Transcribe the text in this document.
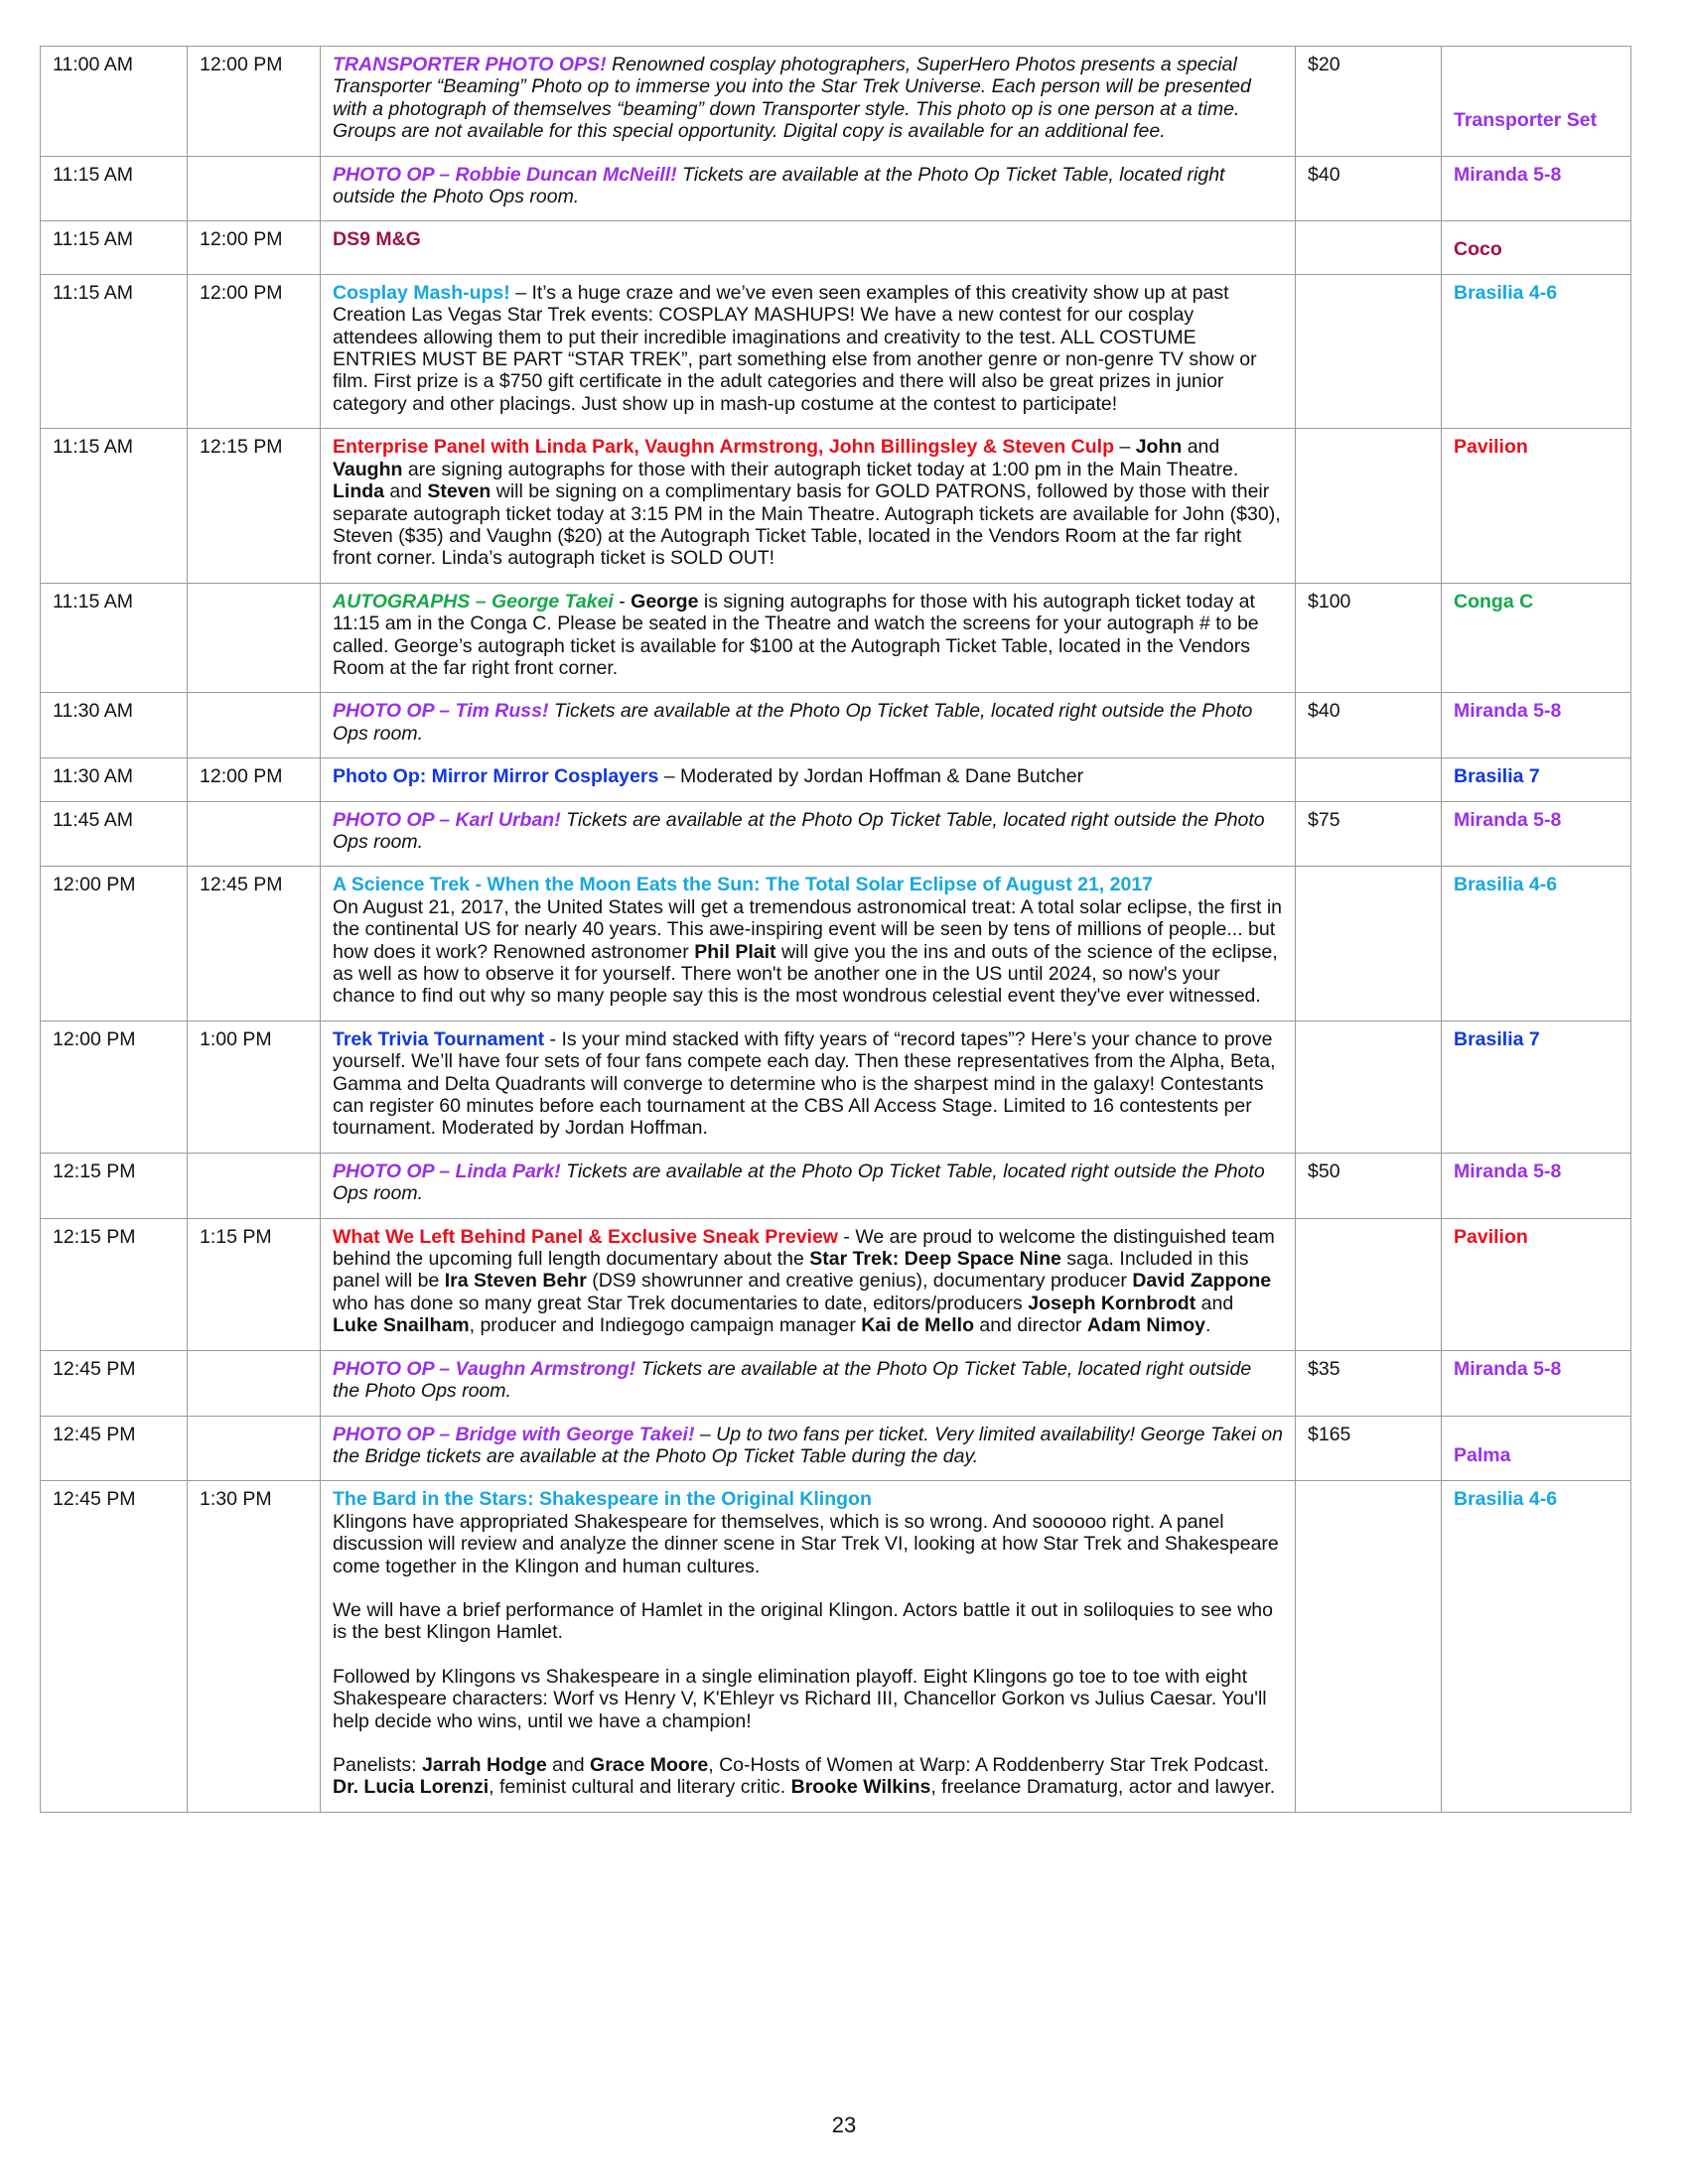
11:00 AM	12:00 PM	TRANSPORTER PHOTO OPS! Renowned cosplay photographers, SuperHero Photos presents a special Transporter “Beaming” Photo op to immerse you into the Star Trek Universe. Each person will be presented with a photograph of themselves “beaming” down Transporter style. This photo op is one person at a time. Groups are not available for this special opportunity. Digital copy is available for an additional fee.	$20	Transporter Set

11:15 AM		PHOTO OP – Robbie Duncan McNeill! Tickets are available at the Photo Op Ticket Table, located right outside the Photo Ops room.	$40	Miranda 5-8
11:15 AM	12:00 PM	DS9 M&G		Coco

11:15 AM	12:00 PM	Cosplay Mash-ups! – It’s a huge craze and we’ve even seen examples of this creativity show up at past Creation Las Vegas Star Trek events: COSPLAY MASHUPS! We have a new contest for our cosplay attendees allowing them to put their incredible imaginations and creativity to the test. ALL COSTUME ENTRIES MUST BE PART “STAR TREK”, part something else from another genre or non-genre TV show or film. First prize is a $750 gift certificate in the adult categories and there will also be great prizes in junior category and other placings. Just show up in mash-up costume at the contest to participate!		Brasilia 4-6
11:15 AM	12:15 PM	Enterprise Panel with Linda Park, Vaughn Armstrong, John Billingsley & Steven Culp – John and Vaughn are signing autographs for those with their autograph ticket today at 1:00 pm in the Main Theatre. Linda and Steven will be signing on a complimentary basis for GOLD PATRONS, followed by those with their separate autograph ticket today at 3:15 PM in the Main Theatre. Autograph tickets are available for John ($30), Steven ($35) and Vaughn ($20) at the Autograph Ticket Table, located in the Vendors Room at the far right front corner. Linda’s autograph ticket is SOLD OUT!		Pavilion
11:15 AM		AUTOGRAPHS – George Takei - George is signing autographs for those with his autograph ticket today at 11:15 am in the Conga C. Please be seated in the Theatre and watch the screens for your autograph # to be called. George’s autograph ticket is available for $100 at the Autograph Ticket Table, located in the Vendors Room at the far right front corner.	$100	Conga C
11:30 AM		PHOTO OP – Tim Russ! Tickets are available at the Photo Op Ticket Table, located right outside the Photo Ops room.	$40	Miranda 5-8
11:30 AM	12:00 PM	Photo Op: Mirror Mirror Cosplayers – Moderated by Jordan Hoffman & Dane Butcher		Brasilia 7
11:45 AM		PHOTO OP – Karl Urban! Tickets are available at the Photo Op Ticket Table, located right outside the Photo Ops room.	$75	Miranda 5-8
12:00 PM	12:45 PM	A Science Trek - When the Moon Eats the Sun: The Total Solar Eclipse of August 21, 2017
On August 21, 2017, the United States will get a tremendous astronomical treat: A total solar eclipse, the first in the continental US for nearly 40 years. This awe-inspiring event will be seen by tens of millions of people... but how does it work? Renowned astronomer Phil Plait will give you the ins and outs of the science of the eclipse, as well as how to observe it for yourself. There won't be another one in the US until 2024, so now's your chance to find out why so many people say this is the most wondrous celestial event they've ever witnessed.		Brasilia 4-6
12:00 PM	1:00 PM	Trek Trivia Tournament - Is your mind stacked with fifty years of “record tapes”? Here’s your chance to prove yourself. We’ll have four sets of four fans compete each day. Then these representatives from the Alpha, Beta, Gamma and Delta Quadrants will converge to determine who is the sharpest mind in the galaxy! Contestants can register 60 minutes before each tournament at the CBS All Access Stage. Limited to 16 contestents per tournament. Moderated by Jordan Hoffman.		Brasilia 7
12:15 PM		PHOTO OP – Linda Park! Tickets are available at the Photo Op Ticket Table, located right outside the Photo Ops room.	$50	Miranda 5-8
12:15 PM	1:15 PM	What We Left Behind Panel & Exclusive Sneak Preview - We are proud to welcome the distinguished team behind the upcoming full length documentary about the Star Trek: Deep Space Nine saga. Included in this panel will be Ira Steven Behr (DS9 showrunner and creative genius), documentary producer David Zappone who has done so many great Star Trek documentaries to date, editors/producers Joseph Kornbrodt and Luke Snailham, producer and Indiegogo campaign manager Kai de Mello and director Adam Nimoy.		Pavilion
12:45 PM		PHOTO OP – Vaughn Armstrong! Tickets are available at the Photo Op Ticket Table, located right outside the Photo Ops room.	$35	Miranda 5-8
12:45 PM		PHOTO OP – Bridge with George Takei! – Up to two fans per ticket. Very limited availability! George Takei on the Bridge tickets are available at the Photo Op Ticket Table during the day.	$165	Palma

12:45 PM	1:30 PM	The Bard in the Stars: Shakespeare in the Original Klingon
Klingons have appropriated Shakespeare for themselves, which is so wrong. And soooooo right. A panel discussion will review and analyze the dinner scene in Star Trek VI, looking at how Star Trek and Shakespeare come together in the Klingon and human cultures.
We will have a brief performance of Hamlet in the original Klingon. Actors battle it out in soliloquies to see who is the best Klingon Hamlet.
Followed by Klingons vs Shakespeare in a single elimination playoff. Eight Klingons go toe to toe with eight Shakespeare characters: Worf vs Henry V, K'Ehleyr vs Richard III, Chancellor Gorkon vs Julius Caesar. You'll help decide who wins, until we have a champion!
Panelists: Jarrah Hodge and Grace Moore, Co-Hosts of Women at Warp: A Roddenberry Star Trek Podcast. Dr. Lucia Lorenzi, feminist cultural and literary critic. Brooke Wilkins, freelance Dramaturg, actor and lawyer.		Brasilia 4-6
23
